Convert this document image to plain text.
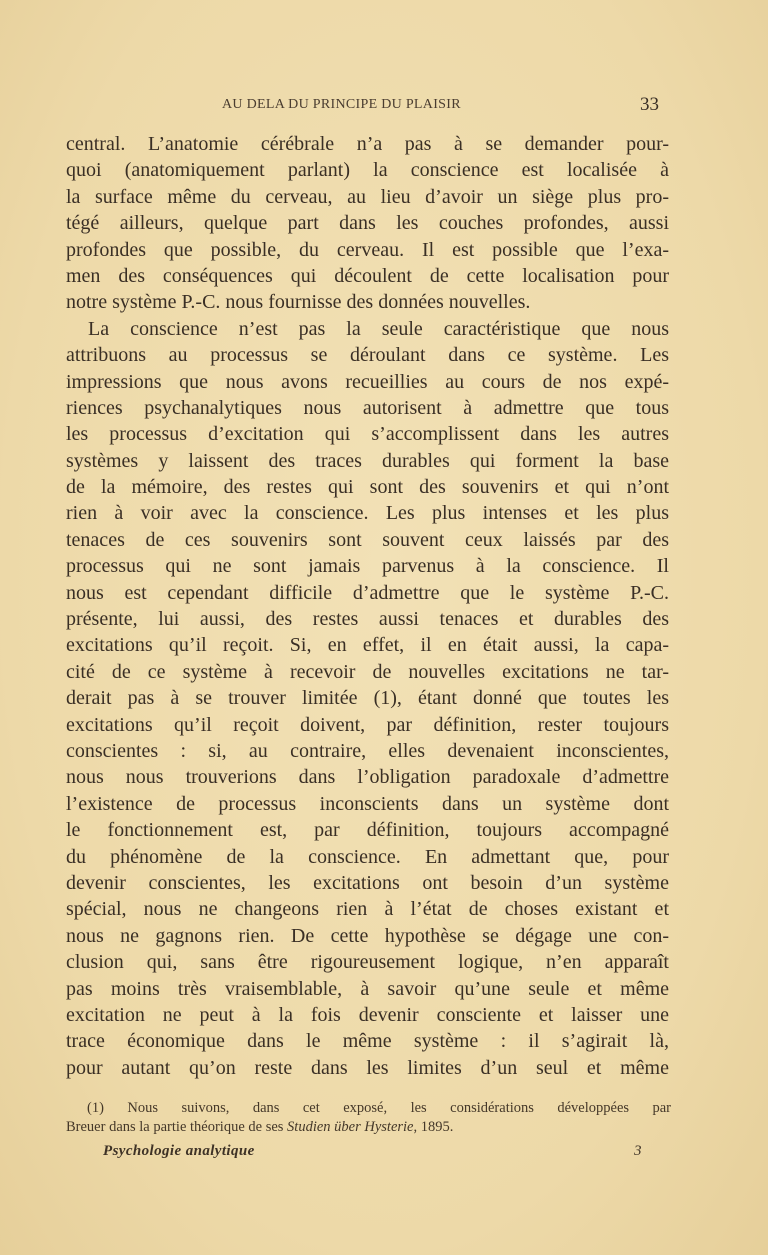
AU DELA DU PRINCIPE DU PLAISIR	33
central. L’anatomie cérébrale n’a pas à se demander pour-
quoi (anatomiquement parlant) la conscience est localisée à
la surface même du cerveau, au lieu d’avoir un siège plus pro-
tégé ailleurs, quelque part dans les couches profondes, aussi
profondes que possible, du cerveau. Il est possible que l’exa-
men des conséquences qui découlent de cette localisation pour
notre système P.-C. nous fournisse des données nouvelles.
La conscience n’est pas la seule caractéristique que nous
attribuons au processus se déroulant dans ce système. Les
impressions que nous avons recueillies au cours de nos expé-
riences psychanalytiques nous autorisent à admettre que tous
les processus d’excitation qui s’accomplissent dans les autres
systèmes y laissent des traces durables qui forment la base
de la mémoire, des restes qui sont des souvenirs et qui n’ont
rien à voir avec la conscience. Les plus intenses et les plus
tenaces de ces souvenirs sont souvent ceux laissés par des
processus qui ne sont jamais parvenus à la conscience. Il
nous est cependant difficile d’admettre que le système P.-C.
présente, lui aussi, des restes aussi tenaces et durables des
excitations qu’il reçoit. Si, en effet, il en était aussi, la capa-
cité de ce système à recevoir de nouvelles excitations ne tar-
derait pas à se trouver limitée (1), étant donné que toutes les
excitations qu’il reçoit doivent, par définition, rester toujours
conscientes : si, au contraire, elles devenaient inconscientes,
nous nous trouverions dans l’obligation paradoxale d’admettre
l’existence de processus inconscients dans un système dont
le fonctionnement est, par définition, toujours accompagné
du phénomène de la conscience. En admettant que, pour
devenir conscientes, les excitations ont besoin d’un système
spécial, nous ne changeons rien à l’état de choses existant et
nous ne gagnons rien. De cette hypothèse se dégage une con-
clusion qui, sans être rigoureusement logique, n’en apparaît
pas moins très vraisemblable, à savoir qu’une seule et même
excitation ne peut à la fois devenir consciente et laisser une
trace économique dans le même système : il s’agirait là,
pour autant qu’on reste dans les limites d’un seul et même
(1) Nous suivons, dans cet exposé, les considérations développées par
Breuer dans la partie théorique de ses Studien über Hysterie, 1895.
Psychologie analytique	3
